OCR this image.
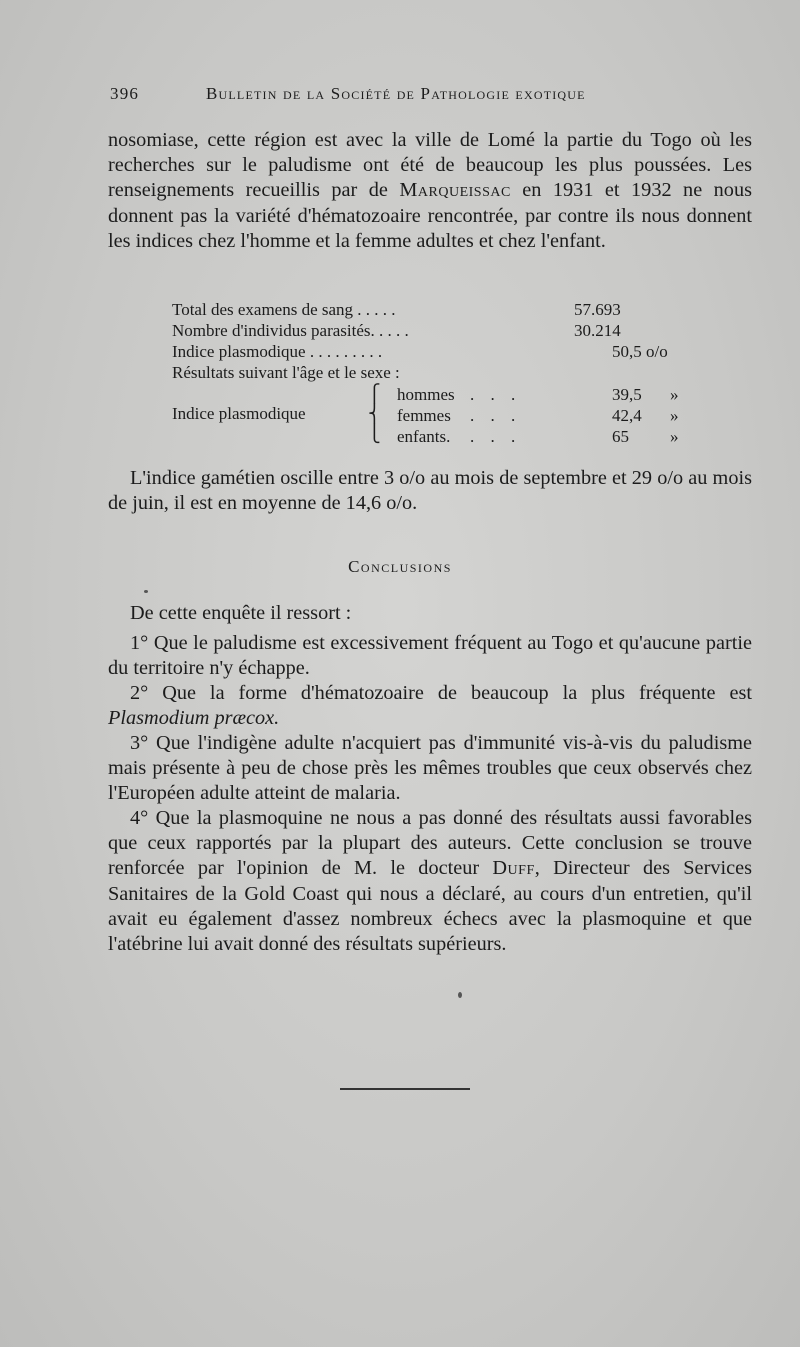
396	Bulletin de la Société de Pathologie exotique

nosomiase, cette région est avec la ville de Lomé la partie du Togo où les recherches sur le paludisme ont été de beaucoup les plus poussées. Les renseignements recueillis par de Marqueissac en 1931 et 1932 ne nous donnent pas la variété d'hématozoaire rencontrée, par contre ils nous donnent les indices chez l'homme et la femme adultes et chez l'enfant.

Total des examens de sang . . . . .	57.693
Nombre d'individus parasités. . . . .	30.214
Indice plasmodique . . . . . . . . .	50,5 o/o
Résultats suivant l'âge et le sexe :
Indice plasmodique
⎧
⎨
⎩
hommes . . .	39,5 »
femmes . . .	42,4 »
enfants. . . .	65 »

L'indice gamétien oscille entre 3 o/o au mois de septembre et 29 o/o au mois de juin, il est en moyenne de 14,6 o/o.

Conclusions

De cette enquête il ressort :

1° Que le paludisme est excessivement fréquent au Togo et qu'aucune partie du territoire n'y échappe.

2° Que la forme d'hématozoaire de beaucoup la plus fréquente est Plasmodium præcox.

3° Que l'indigène adulte n'acquiert pas d'immunité vis-à-vis du paludisme mais présente à peu de chose près les mêmes troubles que ceux observés chez l'Européen adulte atteint de malaria.

4° Que la plasmoquine ne nous a pas donné des résultats aussi favorables que ceux rapportés par la plupart des auteurs. Cette conclusion se trouve renforcée par l'opinion de M. le docteur Duff, Directeur des Services Sanitaires de la Gold Coast qui nous a déclaré, au cours d'un entretien, qu'il avait eu également d'assez nombreux échecs avec la plasmoquine et que l'atébrine lui avait donné des résultats supérieurs.
